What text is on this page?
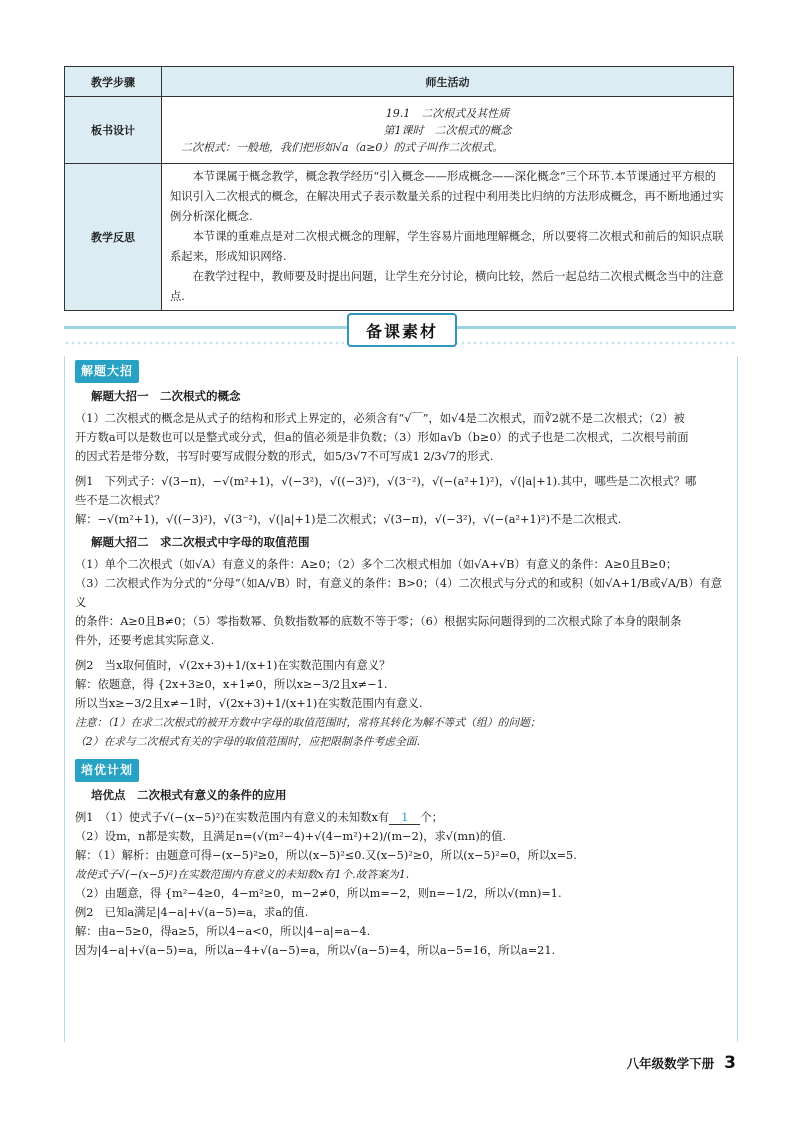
教学步骤	师生活动
板书设计	19.1　二次根式及其性质
第1课时　二次根式的概念
二次根式：一般地，我们把形如√a（a≥0）的式子叫作二次根式。

教学反思	本节课属于概念教学，概念教学经历“引入概念——形成概念——深化概念”三个环节.本节课通过平方根的知识引入二次根式的概念，在解决用式子表示数量关系的过程中利用类比归纳的方法形成概念，再不断地通过实例分析深化概念.

本节课的重难点是对二次根式概念的理解，学生容易片面地理解概念，所以要将二次根式和前后的知识点联系起来，形成知识网络.

在教学过程中，教师要及时提出问题，让学生充分讨论，横向比较，然后一起总结二次根式概念当中的注意点.

备课素材
解题大招
解题大招一　二次根式的概念
（1）二次根式的概念是从式子的结构和形式上界定的，必须含有“√￣”，如√4是二次根式，而∛2就不是二次根式；（2）被
开方数a可以是数也可以是整式或分式，但a的值必须是非负数；（3）形如a√b（b≥0）的式子也是二次根式，二次根号前面
的因式若是带分数，书写时要写成假分数的形式，如5/3√7不可写成1 2/3√7的形式.
例1　下列式子：√(3−π)，−√(m²+1)，√(−3²)，√((−3)²)，√(3⁻²)，√(−(a²+1)²)，√(|a|+1).其中，哪些是二次根式？哪
些不是二次根式？
解：−√(m²+1)，√((−3)²)，√(3⁻²)，√(|a|+1)是二次根式；√(3−π)，√(−3²)，√(−(a²+1)²)不是二次根式.
解题大招二　求二次根式中字母的取值范围
（1）单个二次根式（如√A）有意义的条件：A≥0；（2）多个二次根式相加（如√A+√B）有意义的条件：A≥0且B≥0；
（3）二次根式作为分式的“分母”（如A/√B）时，有意义的条件：B>0；（4）二次根式与分式的和或积（如√A+1/B或√A/B）有意义
的条件：A≥0且B≠0；（5）零指数幂、负数指数幂的底数不等于零；（6）根据实际问题得到的二次根式除了本身的限制条
件外，还要考虑其实际意义.
例2　当x取何值时，√(2x+3)+1/(x+1)在实数范围内有意义？
解：依题意，得 {2x+3≥0，x+1≠0，所以x≥−3/2且x≠−1.
所以当x≥−3/2且x≠−1时，√(2x+3)+1/(x+1)在实数范围内有意义.
注意：（1）在求二次根式的被开方数中字母的取值范围时，常将其转化为解不等式（组）的问题；
（2）在求与二次根式有关的字母的取值范围时，应把限制条件考虑全面.
培优计划
培优点　二次根式有意义的条件的应用
例1　（1）使式子√(−(x−5)²)在实数范围内有意义的未知数x有 1 个；
（2）设m，n都是实数，且满足n=(√(m²−4)+√(4−m²)+2)/(m−2)，求√(mn)的值.
解：（1）解析：由题意可得−(x−5)²≥0，所以(x−5)²≤0.又(x−5)²≥0，所以(x−5)²=0，所以x=5.
故使式子√(−(x−5)²)在实数范围内有意义的未知数x有1个.故答案为1.
（2）由题意，得 {m²−4≥0，4−m²≥0，m−2≠0，所以m=−2，则n=−1/2，所以√(mn)=1.
例2　已知a满足|4−a|+√(a−5)=a，求a的值.
解：由a−5≥0，得a≥5，所以4−a<0，所以|4−a|=a−4.
因为|4−a|+√(a−5)=a，所以a−4+√(a−5)=a，所以√(a−5)=4，所以a−5=16，所以a=21.
八年级数学下册 3
